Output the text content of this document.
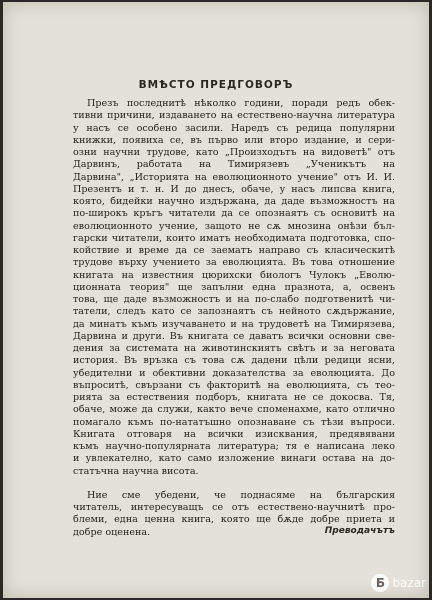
ВМѢСТО ПРЕДГОВОРЪ
Презъ последнитѣ нѣколко години, поради редъ обек-
тивни причини, издаването на естествено-научна литература
у насъ се особено засили. Наредъ съ редица популярни
книжки, появиха се, въ първо или второ издание, и сери-
озни научни трудове, като „Произходътъ на видоветѣ" отъ
Дарвинъ, работата на Тимирязевъ „Ученикътъ на
Дарвина", „Историята на еволюционното учение" отъ И. И.
Презентъ и т. н. И до днесъ, обаче, у насъ липсва книга,
която, бидейки научно издържана, да даде възможностъ на
по-широкъ кръгъ читатели да се опознаятъ съ основитѣ на
еволюционното учение, защото не сѫ мнозина онѣзи бъл-
гарски читатели, които иматъ необходимата подготовка, спо-
койствие и време да се заематъ направо съ класическитѣ
трудове върху учението за еволюцията. Въ това отношение
книгата на известния цюрихски биологъ Чулокъ „Еволю-
ционната теория" ще запълни една празнота, а, освенъ
това, ще даде възможностъ и на по-слабо подготвенитѣ чи-
татели, следъ като се запознаятъ съ нейното сѫдържание,
да минатъ къмъ изучаването и на трудоветѣ на Тимирязева,
Дарвина и други. Въ книгата се даватъ всички основни све-
дения за системата на животинскиятъ свѣтъ и за неговата
история. Въ връзка съ това сѫ дадени цѣли редици ясни,
убедителни и обективни доказателства за еволюцията. До
въпроситѣ, свързани съ факторитѣ на еволюцията, съ тео-
рията за естествения подборъ, книгата не се докосва. Тя,
обаче, може да служи, както вече споменахме, като отлично
помагало къмъ по-нататъшно опознаване съ тѣзи въпроси.
Книгата отговаря на всички изисквания, предявявани
къмъ научно-популярната литература; тя е написана леко
и увлекателно, като само изложение винаги остава на до-
статъчна научна висота.
Ние сме убедени, че поднасяме на българския
читатель, интересуващъ се отъ естествено-научнитѣ про-
блеми, една ценна книга, която ще бѫде добре приета и
добре оценена.	Преводачътъ
Б bazar
